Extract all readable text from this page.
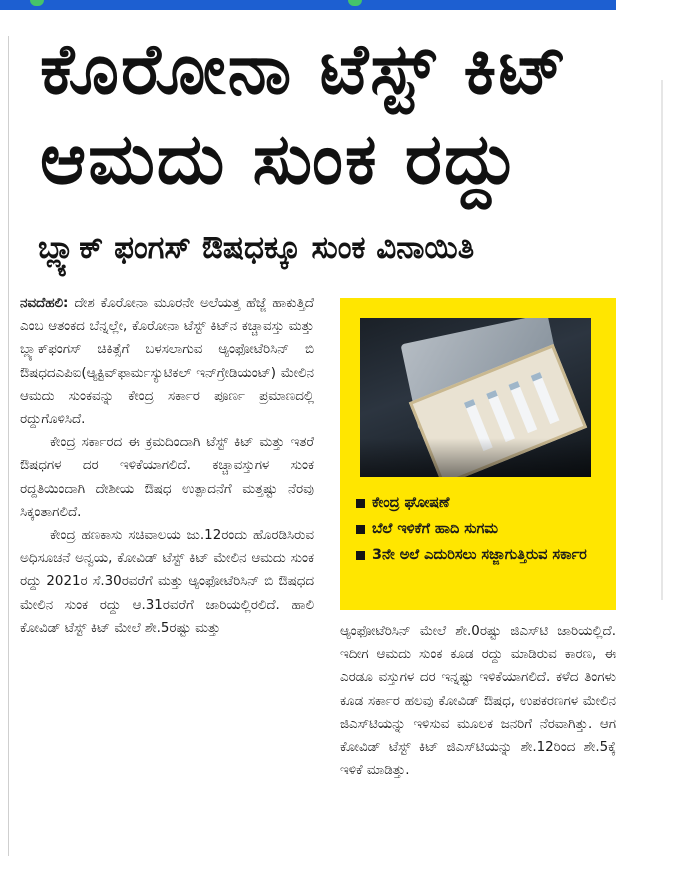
ಕೊರೋನಾ ಟೆಸ್ಟ್ ಕಿಟ್
ಆಮದು ಸುಂಕ ರದ್ದು
ಬ್ಲ್ಯಾಕ್ ಫಂಗಸ್ ಔಷಧಕ್ಕೂ ಸುಂಕ ವಿನಾಯಿತಿ

ನವದೆಹಲಿ: ದೇಶ ಕೊರೋನಾ ಮೂರನೇ ಅಲೆಯತ್ತ ಹೆಜ್ಜೆ ಹಾಕುತ್ತಿದೆ ಎಂಬ ಆತಂಕದ ಬೆನ್ನಲ್ಲೇ, ಕೊರೋನಾ ಟೆಸ್ಟ್ ಕಿಟ್‌ನ ಕಚ್ಚಾವಸ್ತು ಮತ್ತು ಬ್ಲ್ಯಾಕ್‌ಫಂಗಸ್ ಚಿಕಿತ್ಸೆಗೆ ಬಳಸಲಾಗುವ ಆ್ಯಂಫೋಟೆರಿಸಿನ್ ಬಿ ಔಷಧದಎಪಿಐ(ಆ್ಯಕ್ಟಿವ್‌ಫಾರ್ಮಸ್ಯುಟಿಕಲ್ ಇನ್‌ಗ್ರೇಡಿಯಂಟ್) ಮೇಲಿನ ಆಮದು ಸುಂಕವನ್ನು ಕೇಂದ್ರ ಸರ್ಕಾರ ಪೂರ್ಣ ಪ್ರಮಾಣದಲ್ಲಿ ರದ್ದುಗೊಳಿಸಿದೆ.

ಕೇಂದ್ರ ಸರ್ಕಾರದ ಈ ಕ್ರಮದಿಂದಾಗಿ ಟೆಸ್ಟ್ ಕಿಟ್ ಮತ್ತು ಇತರೆ ಔಷಧಗಳ ದರ ಇಳಿಕೆಯಾಗಲಿದೆ. ಕಚ್ಚಾವಸ್ತುಗಳ ಸುಂಕ ರದ್ದತಿಯಿಂದಾಗಿ ದೇಶೀಯ ಔಷಧ ಉತ್ಪಾದನೆಗೆ ಮತ್ತಷ್ಟು ನೆರವು ಸಿಕ್ಕಂತಾಗಲಿದೆ.

ಕೇಂದ್ರ ಹಣಕಾಸು ಸಚಿವಾಲಯ ಜು.12ರಂದು ಹೊರಡಿಸಿರುವ ಅಧಿಸೂಚನೆ ಅನ್ವಯ, ಕೋವಿಡ್ ಟೆಸ್ಟ್ ಕಿಟ್ ಮೇಲಿನ ಆಮದು ಸುಂಕ ರದ್ದು 2021ರ ಸೆ.30ರವರೆಗೆ ಮತ್ತು ಆ್ಯಂಫೋಟೆರಿಸಿನ್ ಬಿ ಔಷಧದ ಮೇಲಿನ ಸುಂಕ ರದ್ದು ಆ.31ರವರೆಗೆ ಜಾರಿಯಲ್ಲಿರಲಿದೆ. ಹಾಲಿ ಕೋವಿಡ್ ಟೆಸ್ಟ್ ಕಿಟ್ ಮೇಲೆ ಶೇ.5ರಷ್ಟು ಮತ್ತು

ಕೇಂದ್ರ ಘೋಷಣೆ
ಬೆಲೆ ಇಳಿಕೆಗೆ ಹಾದಿ ಸುಗಮ
3ನೇ ಅಲೆ ಎದುರಿಸಲು ಸಜ್ಜಾಗುತ್ತಿರುವ ಸರ್ಕಾರ

ಆ್ಯಂಫೋಟೆರಿಸಿನ್ ಮೇಲೆ ಶೇ.0ರಷ್ಟು ಜಿಎಸ್‌ಟಿ ಜಾರಿಯಲ್ಲಿದೆ. ಇದೀಗ ಆಮದು ಸುಂಕ ಕೂಡ ರದ್ದು ಮಾಡಿರುವ ಕಾರಣ, ಈ ಎರಡೂ ವಸ್ತುಗಳ ದರ ಇನ್ನಷ್ಟು ಇಳಿಕೆಯಾಗಲಿದೆ. ಕಳೆದ ತಿಂಗಳು ಕೂಡ ಸರ್ಕಾರ ಹಲವು ಕೋವಿಡ್ ಔಷಧ, ಉಪಕರಣಗಳ ಮೇಲಿನ ಜಿಎಸ್‌ಟಿಯನ್ನು ಇಳಿಸುವ ಮೂಲಕ ಜನರಿಗೆ ನೆರವಾಗಿತ್ತು. ಆಗ ಕೋವಿಡ್ ಟೆಸ್ಟ್ ಕಿಟ್ ಜಿಎಸ್‌ಟಿಯನ್ನು ಶೇ.12ರಿಂದ ಶೇ.5ಕ್ಕೆ ಇಳಿಕೆ ಮಾಡಿತ್ತು.
